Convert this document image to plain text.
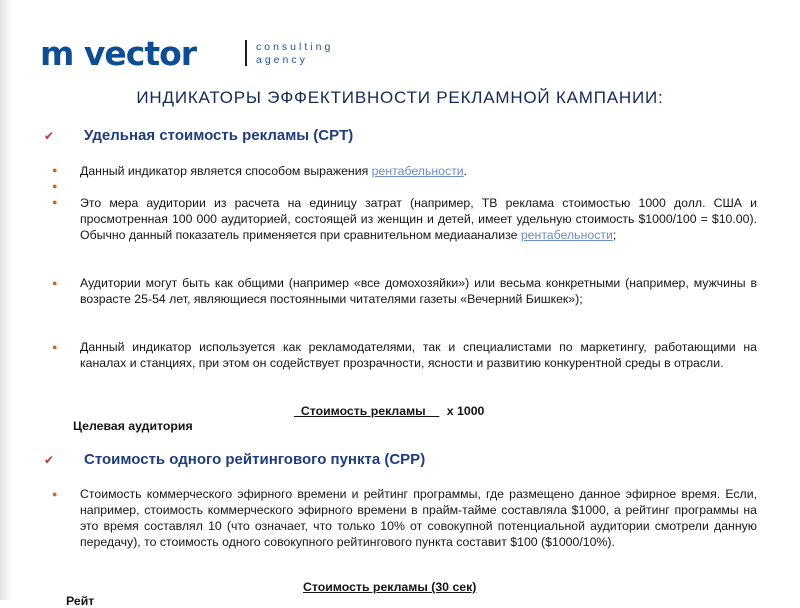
m vector	consulting
agency
ИНДИКАТОРЫ ЭФФЕКТИВНОСТИ РЕКЛАМНОЙ КАМПАНИИ:
✔ Удельная стоимость рекламы (CPT)
● Данный индикатор является способом выражения рентабельности.
●
● Это мера аудитории из расчета на единицу затрат (например, ТВ реклама стоимостью 1000 долл. США и просмотренная 100 000 аудиторией, состоящей из женщин и детей, имеет удельную стоимость $1000/100 = $10.00). Обычно данный показатель применяется при сравнительном медиаанализе рентабельности;
● Аудитории могут быть как общими (например «все домохозяйки») или весьма конкретными (например, мужчины в возрасте 25-54 лет, являющиеся постоянными читателями газеты «Вечерний Бишкек»);
● Данный индикатор используется как рекламодателями, так и специалистами по маркетингу, работающими на каналах и станциях, при этом он содействует прозрачности, ясности и развитию конкурентной среды в отрасли.
Стоимость рекламы     х 1000
Целевая аудитория
✔ Стоимость одного рейтингового пункта (CPP)
● Стоимость коммерческого эфирного времени и рейтинг программы, где размещено данное эфирное время. Если, например, стоимость коммерческого эфирного времени в прайм-тайме составляла $1000, а рейтинг программы на это время составлял 10 (что означает, что только 10% от совокупной потенциальной аудитории смотрели данную передачу), то стоимость одного совокупного рейтингового пункта составит $100 ($1000/10%).
Стоимость рекламы (30 сек)
Рейт
